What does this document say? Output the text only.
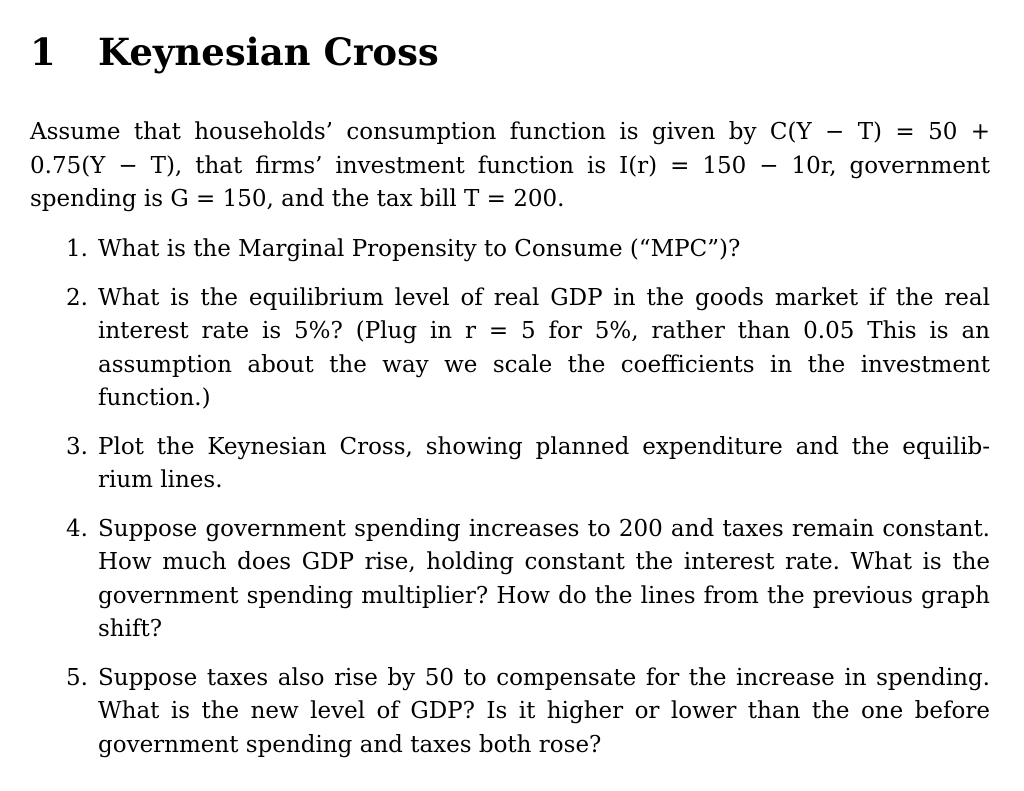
1 Keynesian Cross

Assume that households’ consumption function is given by C(Y − T) = 50 + 0.75(Y − T), that firms’ investment function is I(r) = 150 − 10r, government spending is G = 150, and the tax bill T = 200.

1. What is the Marginal Propensity to Consume (“MPC”)?
2. What is the equilibrium level of real GDP in the goods market if the real interest rate is 5%? (Plug in r = 5 for 5%, rather than 0.05 This is an assumption about the way we scale the coefficients in the investment function.)
3. Plot the Keynesian Cross, showing planned expenditure and the equilib-rium lines.
4. Suppose government spending increases to 200 and taxes remain constant. How much does GDP rise, holding constant the interest rate. What is the government spending multiplier? How do the lines from the previous graph shift?
5. Suppose taxes also rise by 50 to compensate for the increase in spending. What is the new level of GDP? Is it higher or lower than the one before government spending and taxes both rose?
